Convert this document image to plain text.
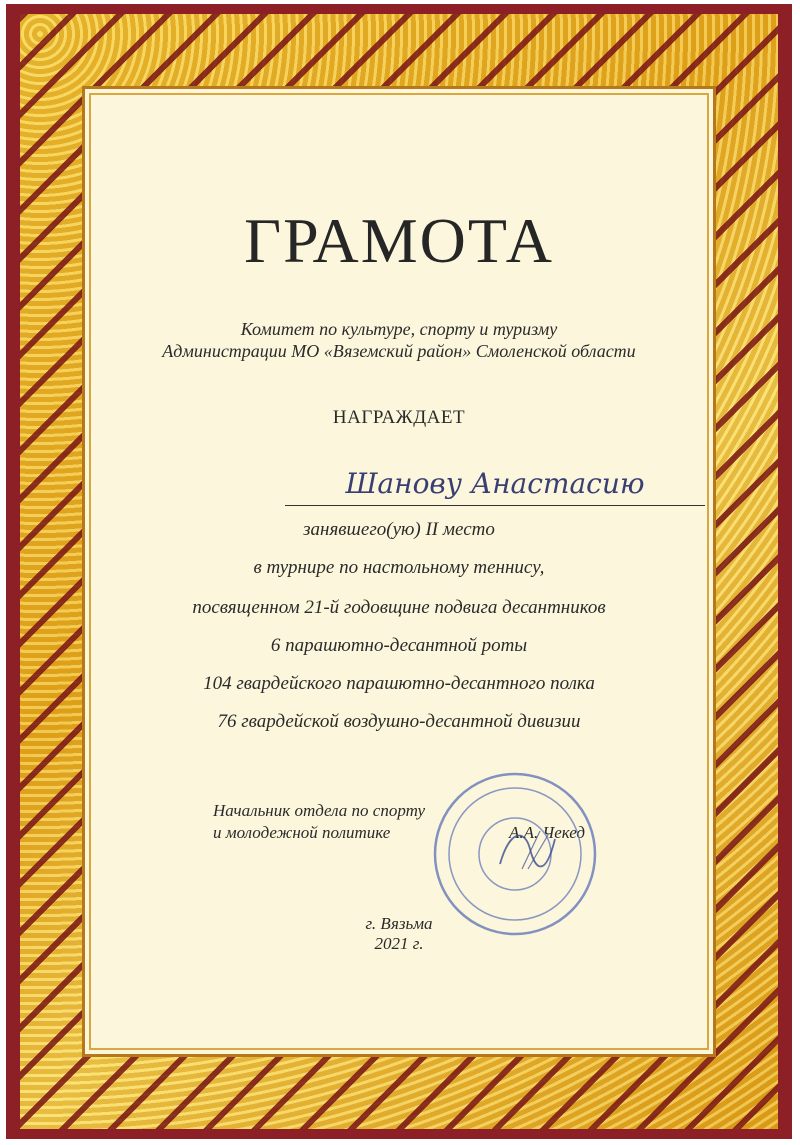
ГРАМОТА
Комитет по культуре, спорту и туризму
Администрации МО «Вяземский район» Смоленской области
НАГРАЖДАЕТ
Шанову Анастасию
занявшего(ую) II место
в турнире по настольному теннису,
посвященном 21-й годовщине подвига десантников
6 парашютно-десантной роты
104 гвардейского парашютно-десантного полка
76 гвардейской воздушно-десантной дивизии
Начальник отдела по спорту
и молодежной политике	А.А. Чекед
г. Вязьма
2021 г.
